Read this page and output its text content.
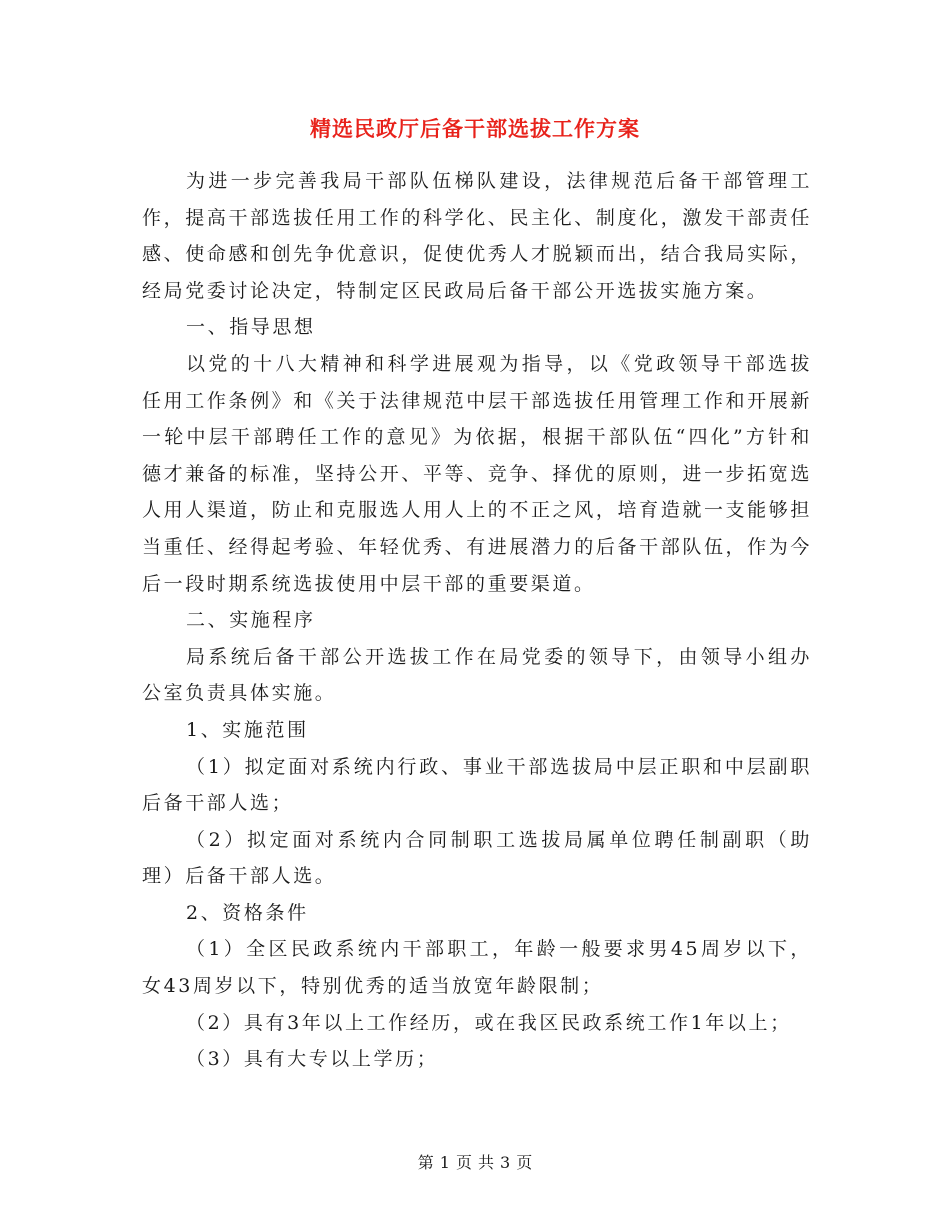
精选民政厅后备干部选拔工作方案

为进一步完善我局干部队伍梯队建设，法律规范后备干部管理工作，提高干部选拔任用工作的科学化、民主化、制度化，激发干部责任感、使命感和创先争优意识，促使优秀人才脱颖而出，结合我局实际，经局党委讨论决定，特制定区民政局后备干部公开选拔实施方案。

一、指导思想

以党的十八大精神和科学进展观为指导，以《党政领导干部选拔任用工作条例》和《关于法律规范中层干部选拔任用管理工作和开展新一轮中层干部聘任工作的意见》为依据，根据干部队伍“四化”方针和德才兼备的标准，坚持公开、平等、竞争、择优的原则，进一步拓宽选人用人渠道，防止和克服选人用人上的不正之风，培育造就一支能够担当重任、经得起考验、年轻优秀、有进展潜力的后备干部队伍，作为今后一段时期系统选拔使用中层干部的重要渠道。

二、实施程序

局系统后备干部公开选拔工作在局党委的领导下，由领导小组办公室负责具体实施。

1、实施范围

（1）拟定面对系统内行政、事业干部选拔局中层正职和中层副职后备干部人选；

（2）拟定面对系统内合同制职工选拔局属单位聘任制副职（助理）后备干部人选。

2、资格条件

（1）全区民政系统内干部职工，年龄一般要求男45周岁以下，女43周岁以下，特别优秀的适当放宽年龄限制；

（2）具有3年以上工作经历，或在我区民政系统工作1年以上；

（3）具有大专以上学历；

第 1 页 共 3 页
